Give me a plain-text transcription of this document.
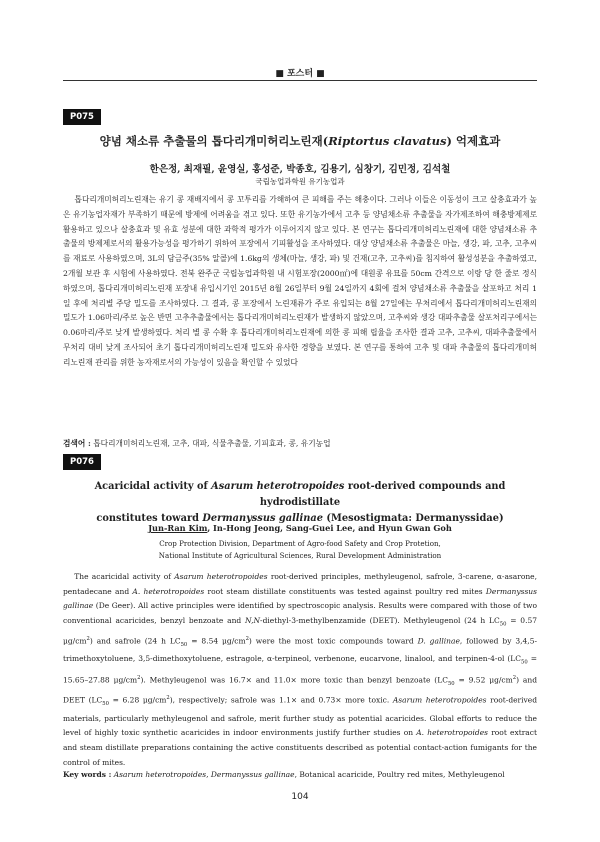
■ 포스터 ■
P075
양념 채소류 추출물의 톱다리개미허리노린재(Riptortus clavatus) 억제효과
한은정, 최재필, 윤영실, 홍성준, 박종호, 김용기, 심창기, 김민정, 김석철
국립농업과학원 유기농업과
톱다리개미허리노린재는 유기 콩 재배지에서 콩 꼬투리를 가해하여 큰 피해를 주는 해충이다. 그러나 이들은 이동성이 크고 살충효과가 높은 유기농업자재가 부족하기 때문에 방제에 어려움을 겪고 있다. 또한 유기농가에서 고추 등 양념채소류 추출물을 자가제조하여 해충방제제로 활용하고 있으나 살충효과 및 유효 성분에 대한 과학적 평가가 이루어지지 않고 있다. 본 연구는 톱다리개미허리노린재에 대한 양념채소류 추출물의 방제제로서의 활용가능성을 평가하기 위하여 포장에서 기피활성을 조사하였다. 대상 양념채소류 추출물은 마늘, 생강, 파, 고추, 고추씨를 재료로 사용하였으며, 3L의 담금주(35% 알콜)에 1.6kg의 생체(마늘, 생강, 파) 및 건재(고추, 고추씨)를 침지하여 활성성분을 추출하였고, 2개월 보관 후 시험에 사용하였다. 전북 완주군 국립농업과학원 내 시험포장(2000㎡)에 대원콩 유묘를 50cm 간격으로 이랑 당 한 줄로 정식하였으며, 톱다리개미허리노린재 포장내 유입시기인 2015년 8월 26일부터 9월 24일까지 4회에 걸쳐 양념채소류 추출물을 살포하고 처리 1일 후에 처리별 주당 밀도를 조사하였다. 그 결과, 콩 포장에서 노린재류가 주로 유입되는 8월 27일에는 무처리에서 톱다리개미허리노린재의 밀도가 1.06마리/주로 높은 반면 고추추출물에서는 톱다리개미허리노린재가 발생하지 않았으며, 고추씨와 생강 대파추출물 살포처리구에서는 0.06마리/주로 낮게 발생하였다. 처리 별 콩 수확 후 톱다리개미허리노린재에 의한 콩 피해 립율을 조사한 결과 고추, 고추씨, 대파추출물에서 무처리 대비 낮게 조사되어 초기 톱다리개미허리노린재 밀도와 유사한 경향을 보였다. 본 연구를 통하여 고추 및 대파 추출물의 톱다리개미허리노린재 관리를 위한 농자재로서의 가능성이 있음을 확인할 수 있었다
검색어 : 톱다리개미허리노린재, 고추, 대파, 식물추출물, 기피효과, 콩, 유기농업
P076
Acaricidal activity of Asarum heterotropoides root-derived compounds and hydrodistillate
constitutes toward Dermanyssus gallinae (Mesostigmata: Dermanyssidae)
Jun-Ran Kim, In-Hong Jeong, Sang-Guei Lee, and Hyun Gwan Goh
Crop Protection Division, Department of Agro-food Safety and Crop Protetion,
National Institute of Agricultural Sciences, Rural Development Administration
The acaricidal activity of Asarum heterotropoides root-derived principles, methyleugenol, safrole, 3-carene, α-asarone, pentadecane and A. heterotropoides root steam distillate constituents was tested against poultry red mites Dermanyssus gallinae (De Geer). All active principles were identified by spectroscopic analysis. Results were compared with those of two conventional acaricides, benzyl benzoate and N,N-diethyl-3-methylbenzamide (DEET). Methyleugenol (24 h $LC_{50} = 0.57$ $\mu g/cm^2$) and safrole (24 h $LC_{50} = 8.54$ $\mu g/cm^2$) were the most toxic compounds toward D. gallinae, followed by 3,4,5-trimethoxytoluene, 3,5-dimethoxytoluene, estragole, α-terpineol, verbenone, eucarvone, linalool, and terpinen-4-ol ($LC_{50} = 15.65-27.88$ $\mu g/cm^2$). Methyleugenol was 16.7× and 11.0× more toxic than benzyl benzoate ($LC_{50} = 9.52$ $\mu g/cm^2$) and DEET ($LC_{50} = 6.28$ $\mu g/cm^2$), respectively; safrole was 1.1× and 0.73× more toxic. Asarum heterotropoides root-derived materials, particularly methyleugenol and safrole, merit further study as potential acaricides. Global efforts to reduce the level of highly toxic synthetic acaricides in indoor environments justify further studies on A. heterotropoides root extract and steam distillate preparations containing the active constituents described as potential contact-action fumigants for the control of mites.
Key words : Asarum heterotropoides, Dermanyssus gallinae, Botanical acaricide, Poultry red mites, Methyleugenol
104
